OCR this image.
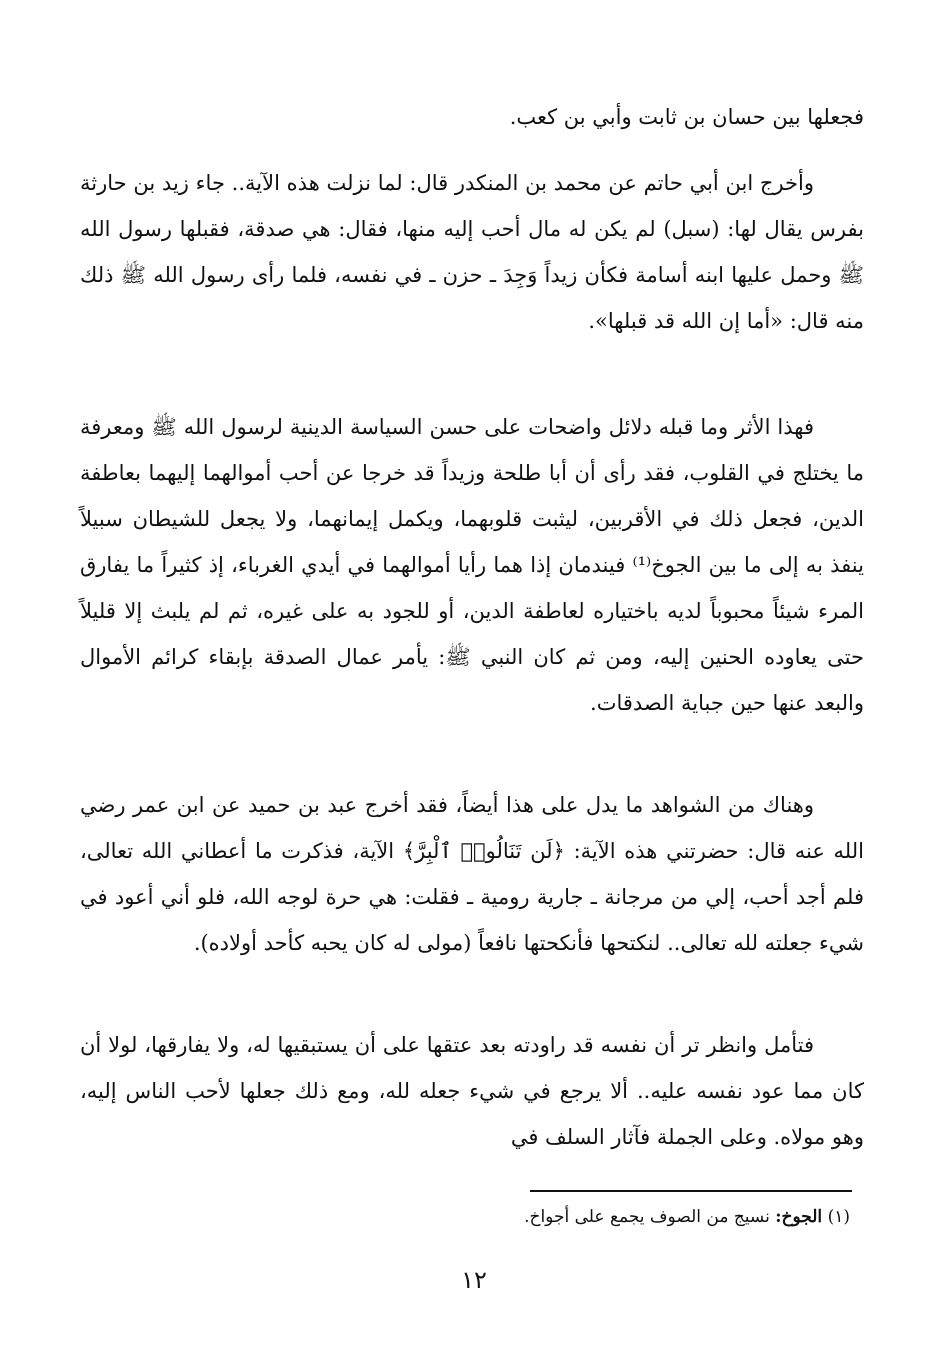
فجعلها بين حسان بن ثابت وأبي بن كعب.

وأخرج ابن أبي حاتم عن محمد بن المنكدر قال: لما نزلت هذه الآية.. جاء زيد بن حارثة بفرس يقال لها: (سبل) لم يكن له مال أحب إليه منها، فقال: هي صدقة، فقبلها رسول الله ﷺ وحمل عليها ابنه أسامة فكأن زيداً وَجِدَ ـ حزن ـ في نفسه، فلما رأى رسول الله ﷺ ذلك منه قال: «أما إن الله قد قبلها».

فهذا الأثر وما قبله دلائل واضحات على حسن السياسة الدينية لرسول الله ﷺ ومعرفة ما يختلج في القلوب، فقد رأى أن أبا طلحة وزيداً قد خرجا عن أحب أموالهما إليهما بعاطفة الدين، فجعل ذلك في الأقربين، ليثبت قلوبهما، ويكمل إيمانهما، ولا يجعل للشيطان سبيلاً ينفذ به إلى ما بين الجوخ⁽¹⁾ فيندمان إذا هما رأيا أموالهما في أيدي الغرباء، إذ كثيراً ما يفارق المرء شيئاً محبوباً لديه باختياره لعاطفة الدين، أو للجود به على غيره، ثم لم يلبث إلا قليلاً حتى يعاوده الحنين إليه، ومن ثم كان النبي ﷺ: يأمر عمال الصدقة بإبقاء كرائم الأموال والبعد عنها حين جباية الصدقات.

وهناك من الشواهد ما يدل على هذا أيضاً، فقد أخرج عبد بن حميد عن ابن عمر رضي الله عنه قال: حضرتني هذه الآية: ﴿لَن تَنَالُوا۟ ٱلْبِرَّ﴾ الآية، فذكرت ما أعطاني الله تعالى، فلم أجد أحب، إلي من مرجانة ـ جارية رومية ـ فقلت: هي حرة لوجه الله، فلو أني أعود في شيء جعلته لله تعالى.. لنكتحها فأنكحتها نافعاً (مولى له كان يحبه كأحد أولاده).

فتأمل وانظر تر أن نفسه قد راودته بعد عتقها على أن يستبقيها له، ولا يفارقها، لولا أن كان مما عود نفسه عليه.. ألا يرجع في شيء جعله لله، ومع ذلك جعلها لأحب الناس إليه، وهو مولاه. وعلى الجملة فآثار السلف في

(١) الجوخ: نسيج من الصوف يجمع على أجواخ.
١٢
